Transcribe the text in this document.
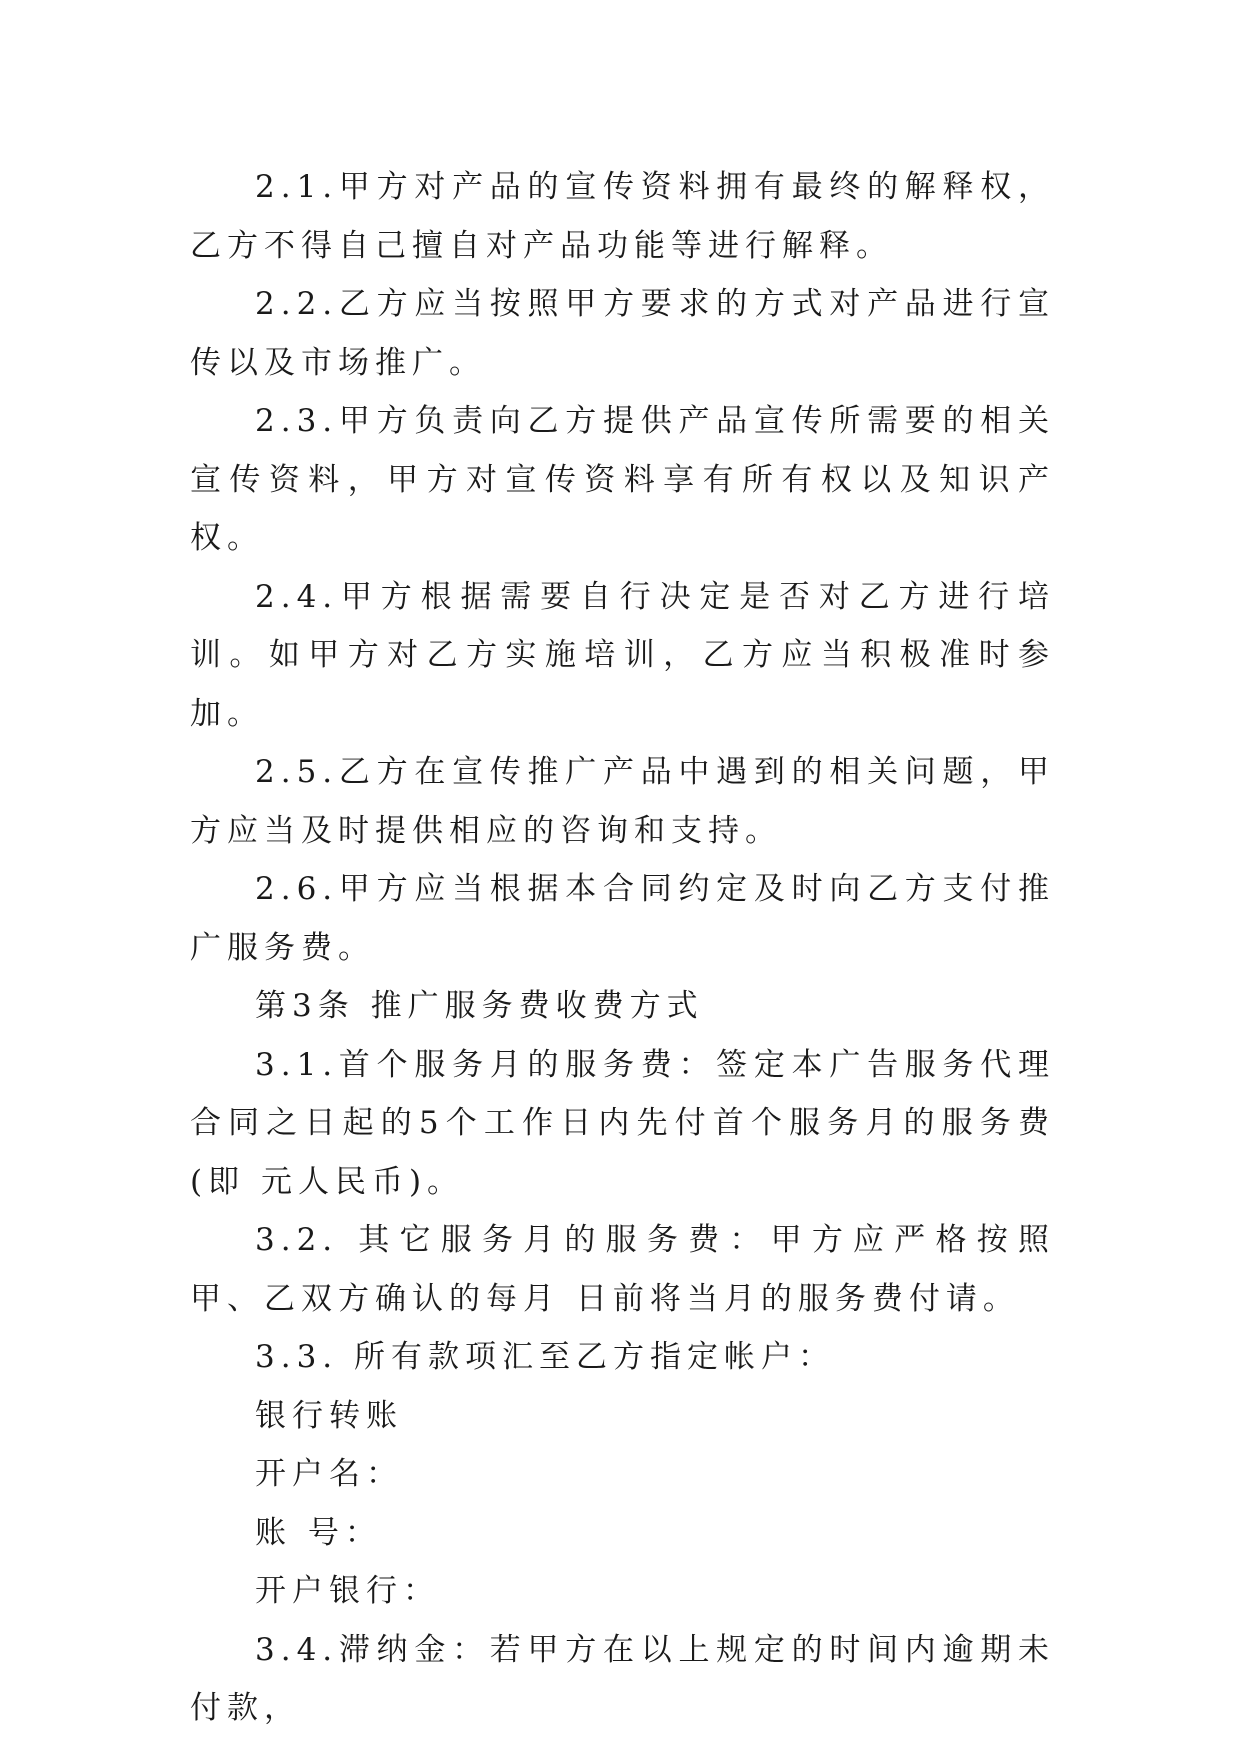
2.1.甲方对产品的宣传资料拥有最终的解释权，乙方不得自己擅自对产品功能等进行解释。

2.2.乙方应当按照甲方要求的方式对产品进行宣传以及市场推广。

2.3.甲方负责向乙方提供产品宣传所需要的相关宣传资料，甲方对宣传资料享有所有权以及知识产权。

2.4.甲方根据需要自行决定是否对乙方进行培训。如甲方对乙方实施培训，乙方应当积极准时参加。

2.5.乙方在宣传推广产品中遇到的相关问题，甲方应当及时提供相应的咨询和支持。

2.6.甲方应当根据本合同约定及时向乙方支付推广服务费。

第3条 推广服务费收费方式

3.1.首个服务月的服务费：签定本广告服务代理合同之日起的5个工作日内先付首个服务月的服务费(即 元人民币)。

3.2. 其它服务月的服务费：甲方应严格按照甲、乙双方确认的每月 日前将当月的服务费付请。

3.3. 所有款项汇至乙方指定帐户：

银行转账

开户名：

账 号：

开户银行：

3.4.滞纳金：若甲方在以上规定的时间内逾期未付款，
